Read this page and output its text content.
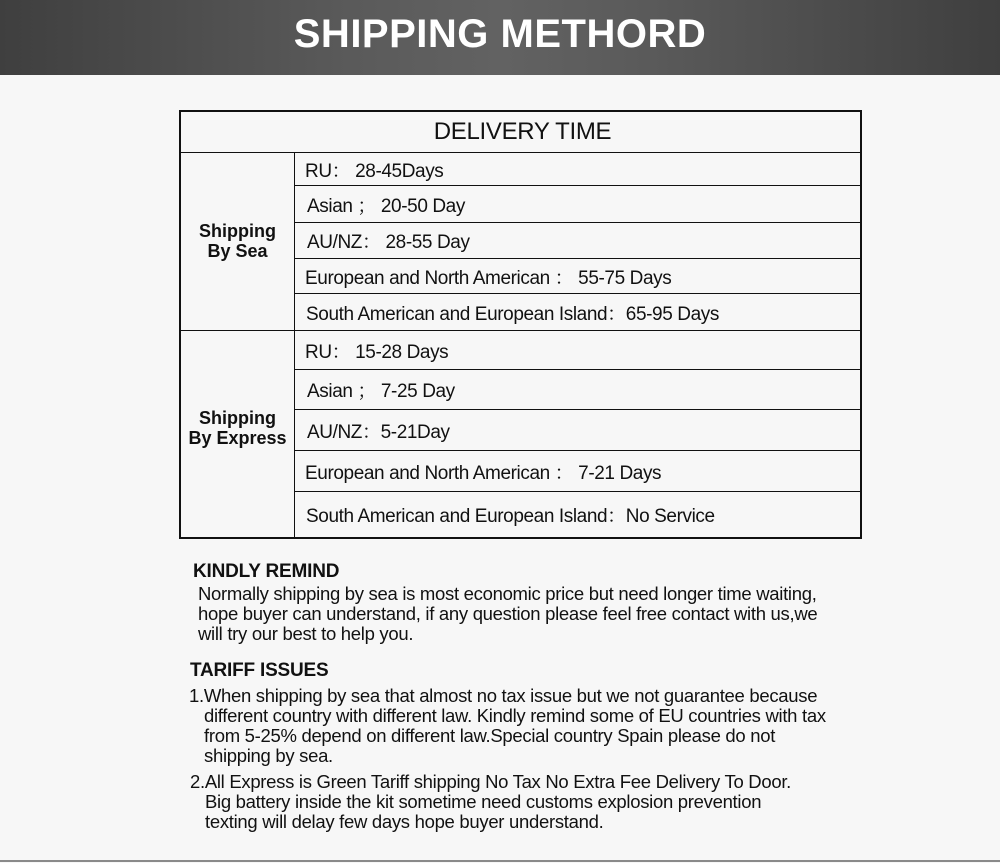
SHIPPING METHORD
DELIVERY TIME
Shipping
By Sea
RU： 28-45Days
Asian ； 20-50 Day
AU/NZ： 28-55 Day
European and North American ： 55-75 Days
South American and European Island：65-95 Days
Shipping
By Express
RU： 15-28 Days
Asian ； 7-25 Day
AU/NZ：5-21Day
European and North American ： 7-21 Days
South American and European Island：No Service
KINDLY REMIND
Normally shipping by sea is most economic price but need longer time waiting,
hope buyer can understand, if any question please feel free contact with us,we
will try our best to help you.
TARIFF ISSUES
1.When shipping by sea that almost no tax issue but we not guarantee because
different country with different law. Kindly remind some of EU countries with tax
from 5-25% depend on different law.Special country Spain please do not
shipping by sea.
2.All Express is Green Tariff shipping No Tax No Extra Fee Delivery To Door.
Big battery inside the kit sometime need customs explosion prevention
texting will delay few days hope buyer understand.
